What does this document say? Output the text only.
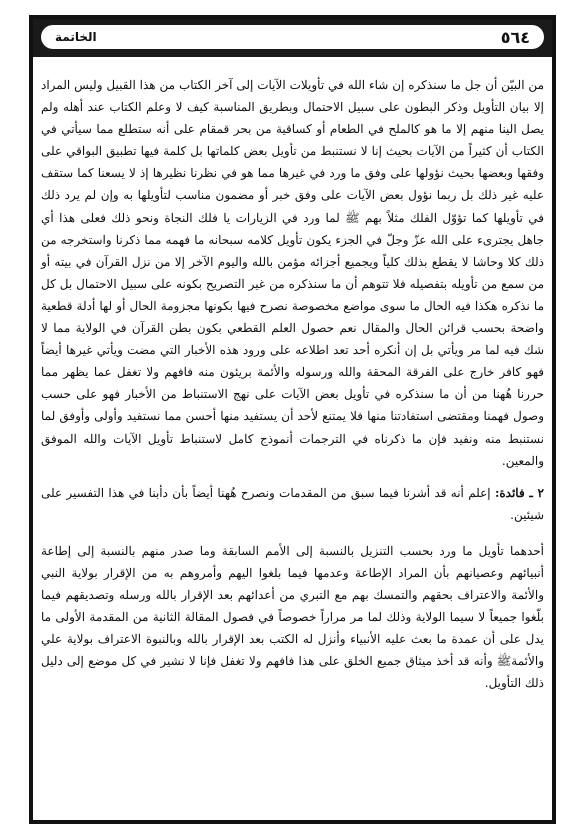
٥٦٤
الخاتمة

من البيّن أن جل ما سنذكره إن شاء الله في تأويلات الآيات إلى آخر الكتاب من هذا القبيل وليس المراد إلا بيان التأويل وذكر البطون على سبيل الاحتمال وبطريق المناسبة كيف لا وعلم الكتاب عند أهله ولم يصل الينا منهم إلا ما هو كالملح في الطعام أو كساقية من بحر قمقام على أنه ستطلع مما سيأتي في الكتاب أن كثيراً من الآيات بحيث إنا لا نستنبط من تأويل بعض كلماتها بل كلمة فيها تطبيق البواقي على وفقها وبعضها بحيث نؤولها على وفق ما ورد في غيرها مما هو في نظرنا نظيرها إذ لا يسعنا كما ستقف عليه غير ذلك بل ربما نؤول بعض الآيات على وفق خبر أو مضمون مناسب لتأويلها به وإن لم يرد ذلك في تأويلها كما تؤوّل الفلك مثلاً بهم ﷺ لما ورد في الزيارات يا فلك النجاة ونحو ذلك فعلى هذا أي جاهل يجترىء على الله عزّ وجلّ في الجزء يكون تأويل كلامه سبحانه ما فهمه مما ذكرنا واستخرجه من ذلك كلا وحاشا لا يقطع بذلك كلياً ويجميع أجزائه مؤمن بالله واليوم الآخر إلا من نزل القرآن في بيته أو من سمع من تأويله بتفصيله فلا تتوهم أن ما سنذكره من غير التصريح بكونه على سبيل الاحتمال بل كل ما نذكره هكذا فيه الحال ما سوى مواضع مخصوصة نصرح فيها بكونها مجزومة الحال أو لها أدلة قطعية واضحة بحسب قرائن الحال والمقال نعم حصول العلم القطعي بكون بطن القرآن في الولاية مما لا شك فيه لما مر ويأتي بل إن أنكره أحد تعد اطلاعه على ورود هذه الأخبار التي مضت ويأتي غيرها أيضاً فهو كافر خارج على الفرقة المحقة والله ورسوله والأئمة بريئون منه فافهم ولا تغفل عما يظهر مما حررنا هُهنا من أن ما سنذكره في تأويل بعض الآيات على نهج الاستنباط من الأخبار فهو على حسب وصول فهمنا ومقتضى استفادتنا منها فلا يمتنع لأحد أن يستفيد منها أحسن مما نستفيد وأولى وأوفق لما نستنبط منه ونفيد فإن ما ذكرناه في الترجمات أنموذج كامل لاستنباط تأويل الآيات والله الموفق والمعين.

٢ ـ فائدة: إعلم أنه قد أشرنا فيما سبق من المقدمات ونصرح هُهنا أيضاً بأن دأبنا في هذا التفسير على شيئين.

أحدهما تأويل ما ورد بحسب التنزيل بالنسبة إلى الأمم السابقة وما صدر منهم بالنسبة إلى إطاعة أنبيائهم وعصيانهم بأن المراد الإطاعة وعدمها فيما بلغوا اليهم وأمروهم به من الإقرار بولاية النبي والأئمة والاعتراف بحقهم والتمسك بهم مع التبري من أعدائهم بعد الإقرار بالله ورسله وتصديقهم فيما بلّغوا جميعاً لا سيما الولاية وذلك لما مر مراراً خصوصاً في فصول المقالة الثانية من المقدمة الأولى ما يدل على أن عمدة ما بعث عليه الأنبياء وأنزل له الكتب بعد الإقرار بالله وبالنبوة الاعتراف بولاية علي والأئمةﷺ وأنه قد أخذ ميثاق جميع الخلق على هذا فافهم ولا تغفل فإنا لا نشير في كل موضع إلى دليل ذلك التأويل.
